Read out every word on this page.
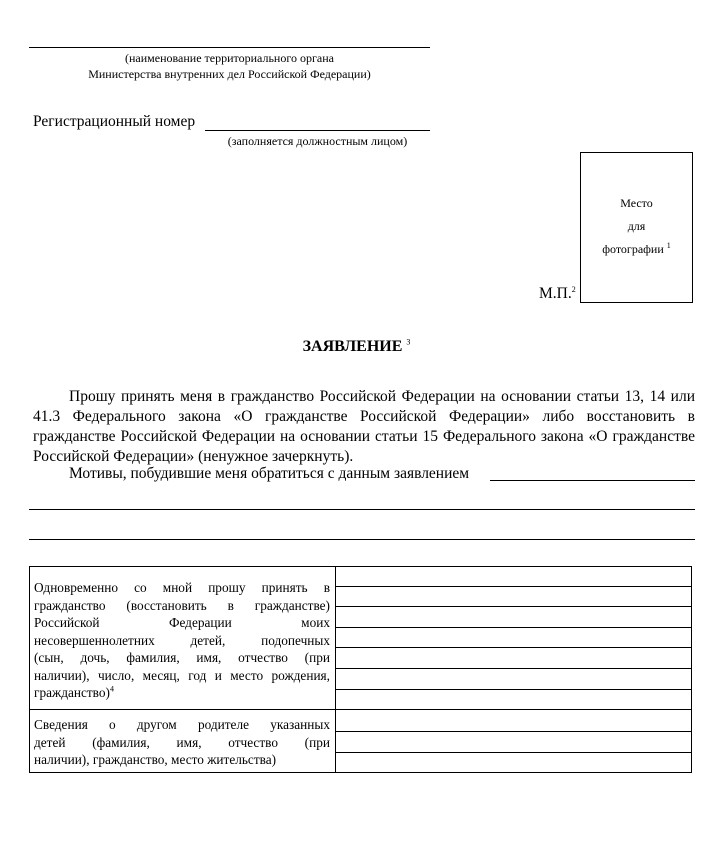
(наименование территориального органа
Министерства внутренних дел Российской Федерации)
Регистрационный номер
(заполняется должностным лицом)
Место
для
фотографии $^1$
М.П.$^2$
ЗАЯВЛЕНИЕ $^3$
Прошу принять меня в гражданство Российской Федерации на основании статьи 13, 14 или 41.3 Федерального закона «О гражданстве Российской Федерации» либо восстановить в гражданстве Российской Федерации на основании статьи 15 Федерального закона «О гражданстве Российской Федерации» (ненужное зачеркнуть).
Мотивы, побудившие меня обратиться с данным заявлением
Одновременно со мной прошу принять в
гражданство (восстановить в гражданстве)
Российской Федерации моих
несовершеннолетних детей, подопечных
(сын, дочь, фамилия, имя, отчество (при
наличии), число, месяц, год и место рождения,
гражданство)$^4$
Сведения о другом родителе указанных
детей (фамилия, имя, отчество (при
наличии), гражданство, место жительства)
